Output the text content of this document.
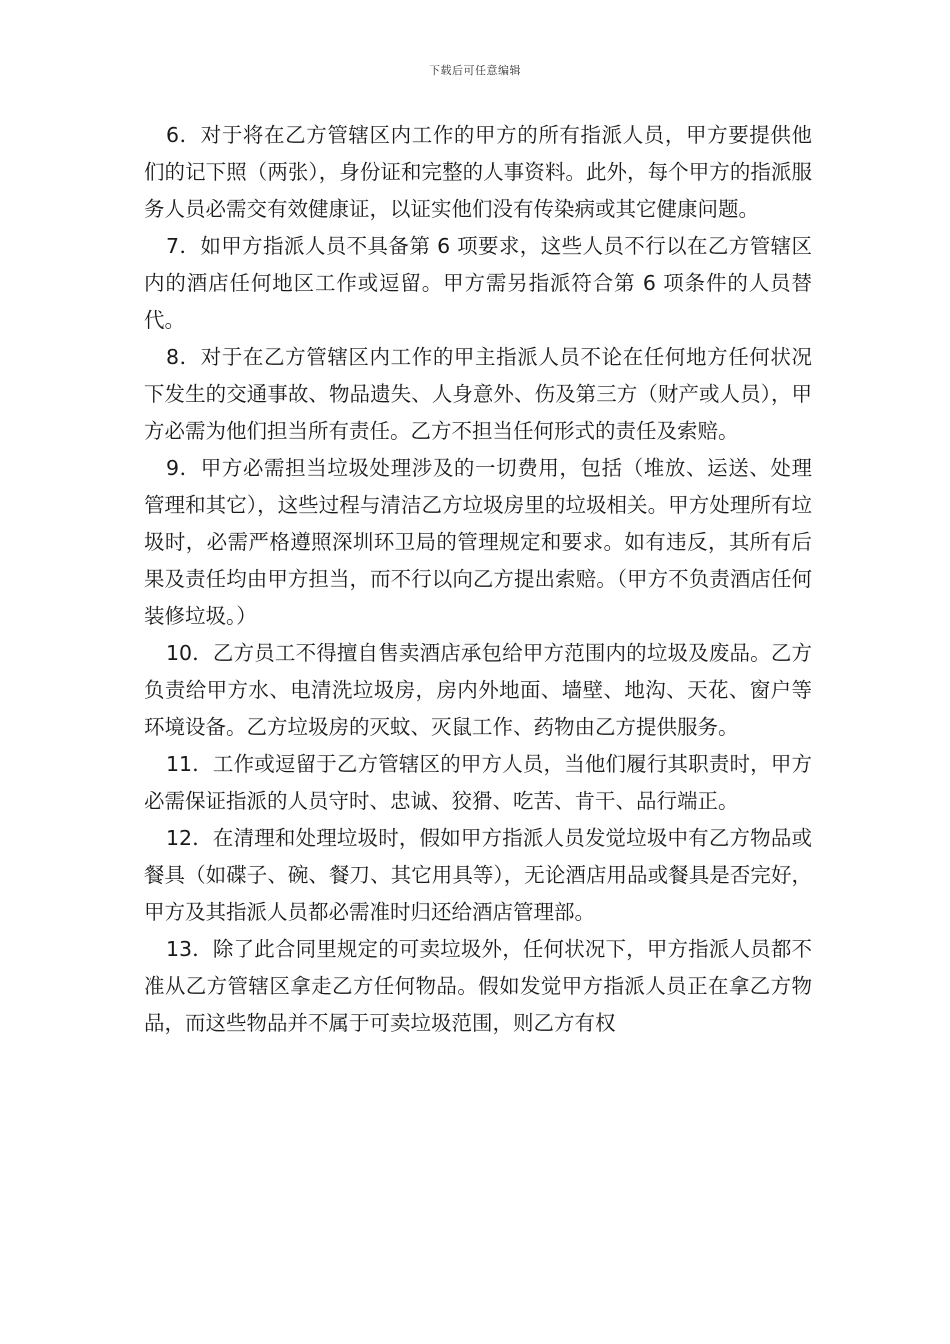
下载后可任意编辑

6．对于将在乙方管辖区内工作的甲方的所有指派人员，甲方要提供他们的记下照（两张），身份证和完整的人事资料。此外，每个甲方的指派服务人员必需交有效健康证，以证实他们没有传染病或其它健康问题。

7．如甲方指派人员不具备第 6 项要求，这些人员不行以在乙方管辖区内的酒店任何地区工作或逗留。甲方需另指派符合第 6 项条件的人员替代。

8．对于在乙方管辖区内工作的甲主指派人员不论在任何地方任何状况下发生的交通事故、物品遗失、人身意外、伤及第三方（财产或人员），甲方必需为他们担当所有责任。乙方不担当任何形式的责任及索赔。

9．甲方必需担当垃圾处理涉及的一切费用，包括（堆放、运送、处理管理和其它），这些过程与清洁乙方垃圾房里的垃圾相关。甲方处理所有垃圾时，必需严格遵照深圳环卫局的管理规定和要求。如有违反，其所有后果及责任均由甲方担当，而不行以向乙方提出索赔。（甲方不负责酒店任何装修垃圾。）

10．乙方员工不得擅自售卖酒店承包给甲方范围内的垃圾及废品。乙方负责给甲方水、电清洗垃圾房，房内外地面、墙壁、地沟、天花、窗户等环境设备。乙方垃圾房的灭蚊、灭鼠工作、药物由乙方提供服务。

11．工作或逗留于乙方管辖区的甲方人员，当他们履行其职责时，甲方必需保证指派的人员守时、忠诚、狡猾、吃苦、肯干、品行端正。

12．在清理和处理垃圾时，假如甲方指派人员发觉垃圾中有乙方物品或餐具（如碟子、碗、餐刀、其它用具等），无论酒店用品或餐具是否完好，甲方及其指派人员都必需准时归还给酒店管理部。

13．除了此合同里规定的可卖垃圾外，任何状况下，甲方指派人员都不准从乙方管辖区拿走乙方任何物品。假如发觉甲方指派人员正在拿乙方物品，而这些物品并不属于可卖垃圾范围，则乙方有权
